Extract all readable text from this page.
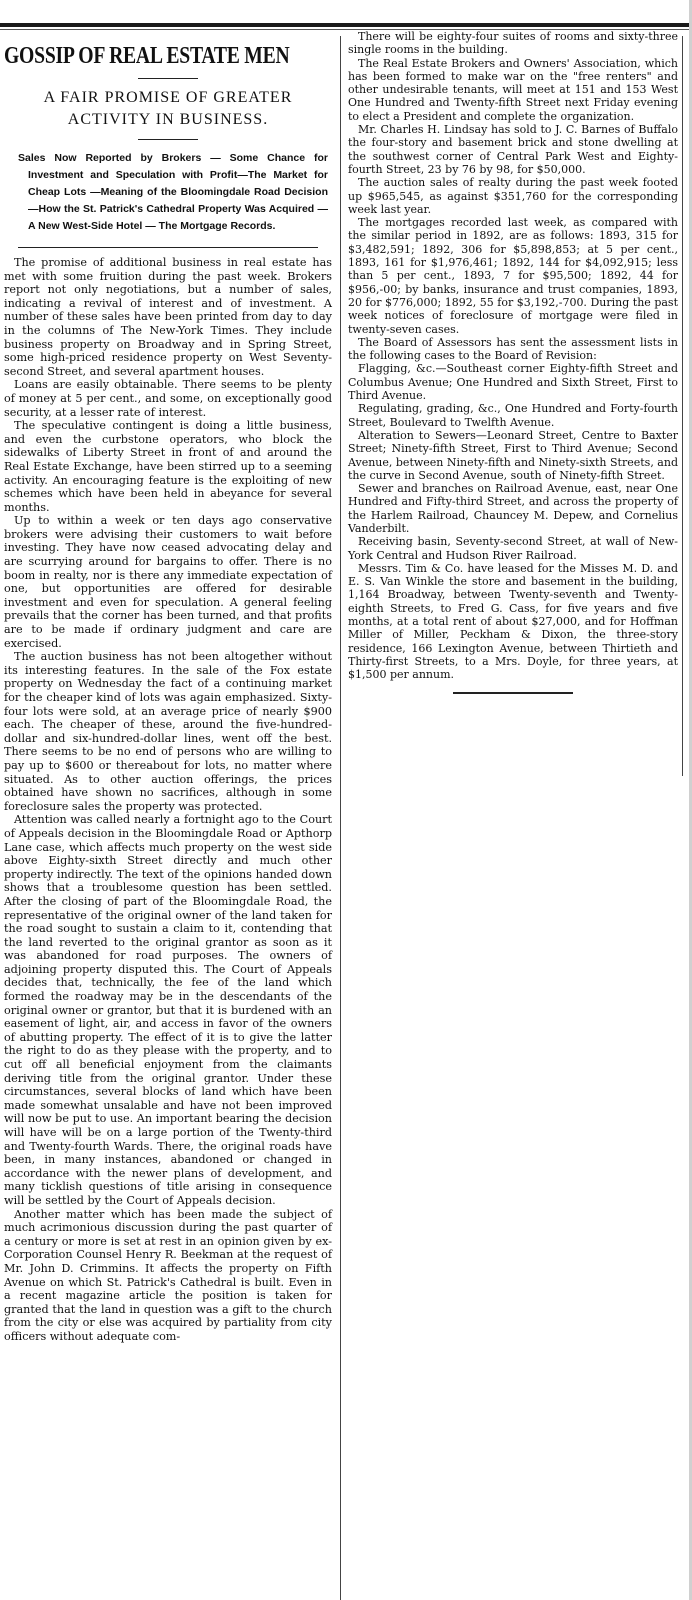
GOSSIP OF REAL ESTATE MEN
A FAIR PROMISE OF GREATER ACTIVITY IN BUSINESS.
Sales Now Reported by Brokers — Some Chance for Investment and Speculation with Profit—The Market for Cheap Lots —Meaning of the Bloomingdale Road Decision—How the St. Patrick's Cathedral Property Was Acquired — A New West-Side Hotel — The Mortgage Records.

The promise of additional business in real estate has met with some fruition during the past week. Brokers report not only negotiations, but a number of sales, indicating a revival of interest and of investment. A number of these sales have been printed from day to day in the columns of The New-York Times. They include business property on Broadway and in Spring Street, some high-priced residence property on West Seventy-second Street, and several apartment houses.

Loans are easily obtainable. There seems to be plenty of money at 5 per cent., and some, on exceptionally good security, at a lesser rate of interest.

The speculative contingent is doing a little business, and even the curbstone operators, who block the sidewalks of Liberty Street in front of and around the Real Estate Exchange, have been stirred up to a seeming activity. An encouraging feature is the exploiting of new schemes which have been held in abeyance for several months.

Up to within a week or ten days ago conservative brokers were advising their customers to wait before investing. They have now ceased advocating delay and are scurrying around for bargains to offer. There is no boom in realty, nor is there any immediate expectation of one, but opportunities are offered for desirable investment and even for speculation. A general feeling prevails that the corner has been turned, and that profits are to be made if ordinary judgment and care are exercised.

The auction business has not been altogether without its interesting features. In the sale of the Fox estate property on Wednesday the fact of a continuing market for the cheaper kind of lots was again emphasized. Sixty-four lots were sold, at an average price of nearly $900 each. The cheaper of these, around the five-hundred-dollar and six-hundred-dollar lines, went off the best. There seems to be no end of persons who are willing to pay up to $600 or thereabout for lots, no matter where situated. As to other auction offerings, the prices obtained have shown no sacrifices, although in some foreclosure sales the property was protected.

Attention was called nearly a fortnight ago to the Court of Appeals decision in the Bloomingdale Road or Apthorp Lane case, which affects much property on the west side above Eighty-sixth Street directly and much other property indirectly. The text of the opinions handed down shows that a troublesome question has been settled. After the closing of part of the Bloomingdale Road, the representative of the original owner of the land taken for the road sought to sustain a claim to it, contending that the land reverted to the original grantor as soon as it was abandoned for road purposes. The owners of adjoining property disputed this. The Court of Appeals decides that, technically, the fee of the land which formed the roadway may be in the descendants of the original owner or grantor, but that it is burdened with an easement of light, air, and access in favor of the owners of abutting property. The effect of it is to give the latter the right to do as they please with the property, and to cut off all beneficial enjoyment from the claimants deriving title from the original grantor. Under these circumstances, several blocks of land which have been made somewhat unsalable and have not been improved will now be put to use. An important bearing the decision will have will be on a large portion of the Twenty-third and Twenty-fourth Wards. There, the original roads have been, in many instances, abandoned or changed in accordance with the newer plans of development, and many ticklish questions of title arising in consequence will be settled by the Court of Appeals decision.

Another matter which has been made the subject of much acrimonious discussion during the past quarter of a century or more is set at rest in an opinion given by ex-Corporation Counsel Henry R. Beekman at the request of Mr. John D. Crimmins. It affects the property on Fifth Avenue on which St. Patrick's Cathedral is built. Even in a recent magazine article the position is taken for granted that the land in question was a gift to the church from the city or else was acquired by partiality from city officers without adequate com-

There will be eighty-four suites of rooms and sixty-three single rooms in the building.

The Real Estate Brokers and Owners' Association, which has been formed to make war on the "free renters" and other undesirable tenants, will meet at 151 and 153 West One Hundred and Twenty-fifth Street next Friday evening to elect a President and complete the organization.

Mr. Charles H. Lindsay has sold to J. C. Barnes of Buffalo the four-story and basement brick and stone dwelling at the southwest corner of Central Park West and Eighty-fourth Street, 23 by 76 by 98, for $50,000.

The auction sales of realty during the past week footed up $965,545, as against $351,760 for the corresponding week last year.

The mortgages recorded last week, as compared with the similar period in 1892, are as follows: 1893, 315 for $3,482,591; 1892, 306 for $5,898,853; at 5 per cent., 1893, 161 for $1,976,461; 1892, 144 for $4,092,915; less than 5 per cent., 1893, 7 for $95,500; 1892, 44 for $956,-00; by banks, insurance and trust companies, 1893, 20 for $776,000; 1892, 55 for $3,192,-700. During the past week notices of foreclosure of mortgage were filed in twenty-seven cases.

The Board of Assessors has sent the assessment lists in the following cases to the Board of Revision:

Flagging, &c.—Southeast corner Eighty-fifth Street and Columbus Avenue; One Hundred and Sixth Street, First to Third Avenue.

Regulating, grading, &c., One Hundred and Forty-fourth Street, Boulevard to Twelfth Avenue.

Alteration to Sewers—Leonard Street, Centre to Baxter Street; Ninety-fifth Street, First to Third Avenue; Second Avenue, between Ninety-fifth and Ninety-sixth Streets, and the curve in Second Avenue, south of Ninety-fifth Street.

Sewer and branches on Railroad Avenue, east, near One Hundred and Fifty-third Street, and across the property of the Harlem Railroad, Chauncey M. Depew, and Cornelius Vanderbilt.

Receiving basin, Seventy-second Street, at wall of New-York Central and Hudson River Railroad.

Messrs. Tim & Co. have leased for the Misses M. D. and E. S. Van Winkle the store and basement in the building, 1,164 Broadway, between Twenty-seventh and Twenty-eighth Streets, to Fred G. Cass, for five years and five months, at a total rent of about $27,000, and for Hoffman Miller of Miller, Peckham & Dixon, the three-story residence, 166 Lexington Avenue, between Thirtieth and Thirty-first Streets, to a Mrs. Doyle, for three years, at $1,500 per annum.
